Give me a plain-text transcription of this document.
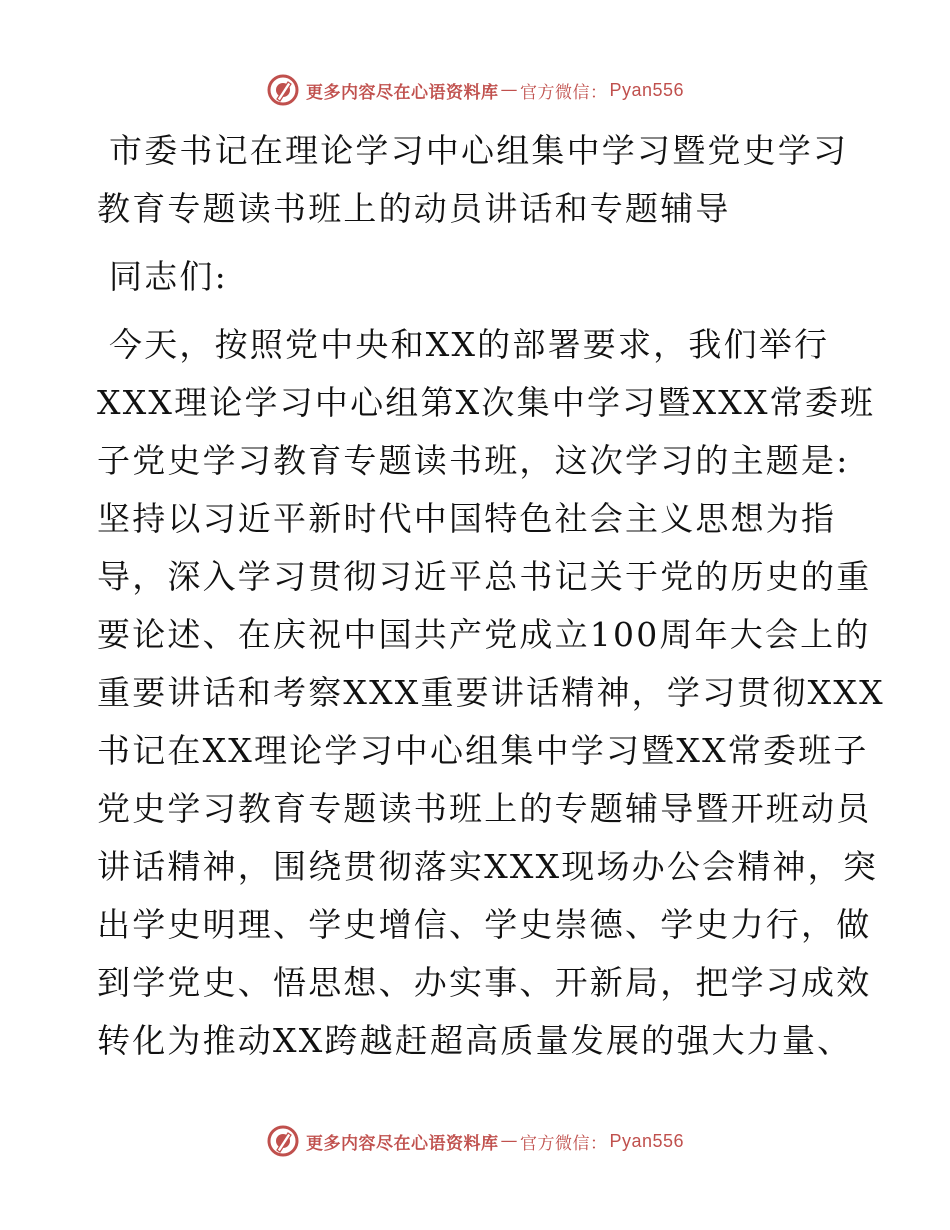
更多内容尽在心语资料库 — 官方微信： Pyan556
市委书记在理论学习中心组集中学习暨党史学习
教育专题读书班上的动员讲话和专题辅导

同志们:

今天，按照党中央和XX的部署要求，我们举行
XXX理论学习中心组第X次集中学习暨XXX常委班
子党史学习教育专题读书班，这次学习的主题是:
坚持以习近平新时代中国特色社会主义思想为指
导，深入学习贯彻习近平总书记关于党的历史的重
要论述、在庆祝中国共产党成立100周年大会上的
重要讲话和考察XXX重要讲话精神，学习贯彻XXX
书记在XX理论学习中心组集中学习暨XX常委班子
党史学习教育专题读书班上的专题辅导暨开班动员
讲话精神，围绕贯彻落实XXX现场办公会精神，突
出学史明理、学史增信、学史崇德、学史力行，做
到学党史、悟思想、办实事、开新局，把学习成效
转化为推动XX跨越赶超高质量发展的强大力量、
更多内容尽在心语资料库 — 官方微信： Pyan556
